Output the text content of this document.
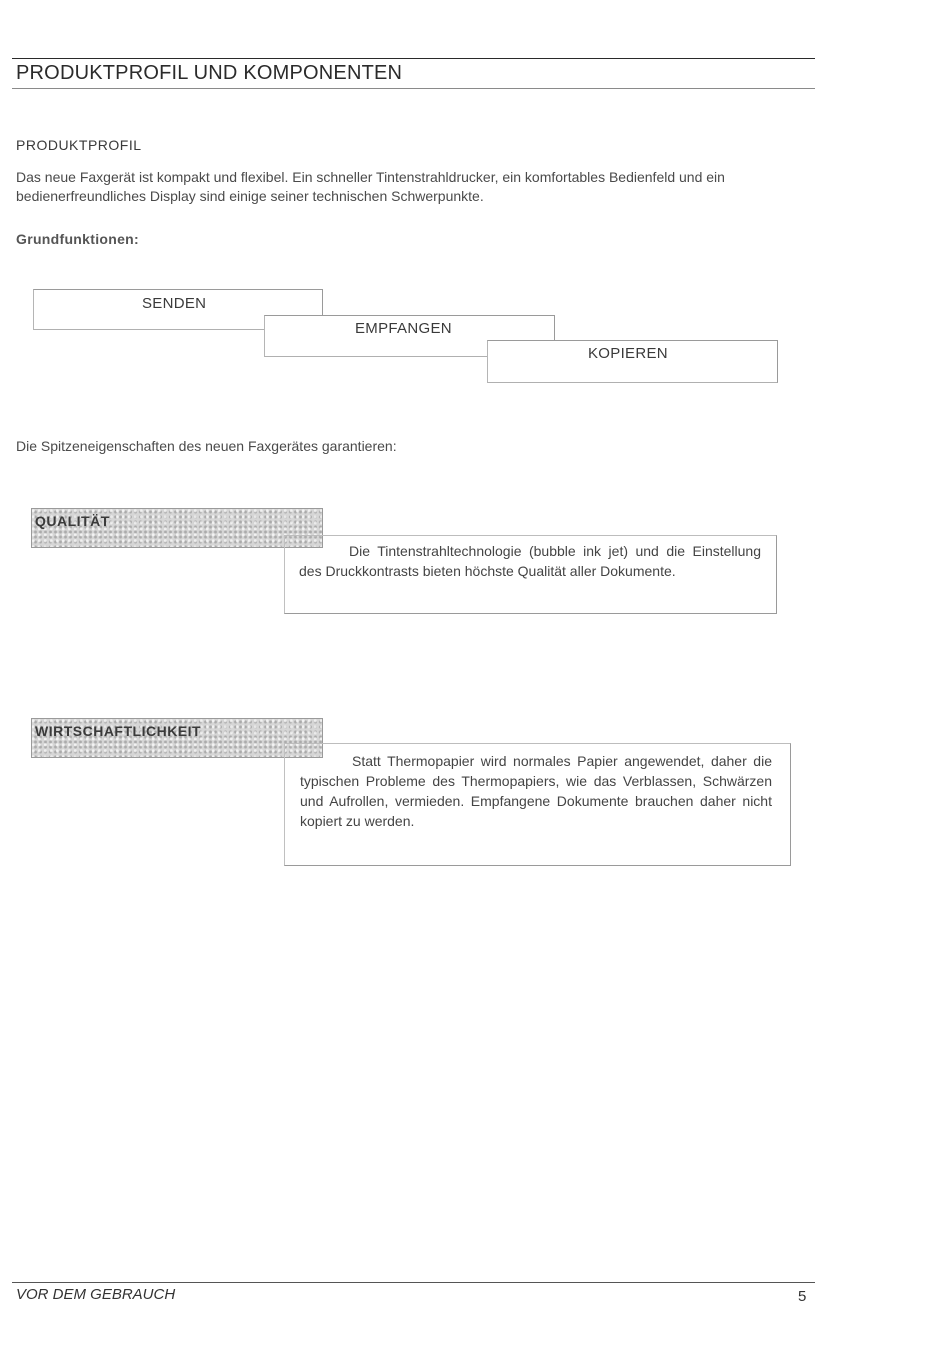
PRODUKTPROFIL UND KOMPONENTEN
PRODUKTPROFIL
Das neue Faxgerät ist kompakt und flexibel. Ein schneller Tintenstrahldrucker, ein komfortables Bedienfeld und ein bedienerfreundliches Display sind einige seiner technischen Schwerpunkte.
Grundfunktionen:
SENDEN
EMPFANGEN
KOPIEREN
Die Spitzeneigenschaften des neuen Faxgerätes garantieren:
QUALITÄT
Die Tintenstrahltechnologie (bubble ink jet) und die Einstellung des Druckkontrasts bieten höchste Qualität aller Dokumente.
WIRTSCHAFTLICHKEIT
Statt Thermopapier wird normales Papier angewendet, daher die typischen Probleme des Thermopapiers, wie das Verblassen, Schwärzen und Aufrollen, vermieden. Empfangene Dokumente brauchen daher nicht kopiert zu werden.
VOR DEM GEBRAUCH	5
